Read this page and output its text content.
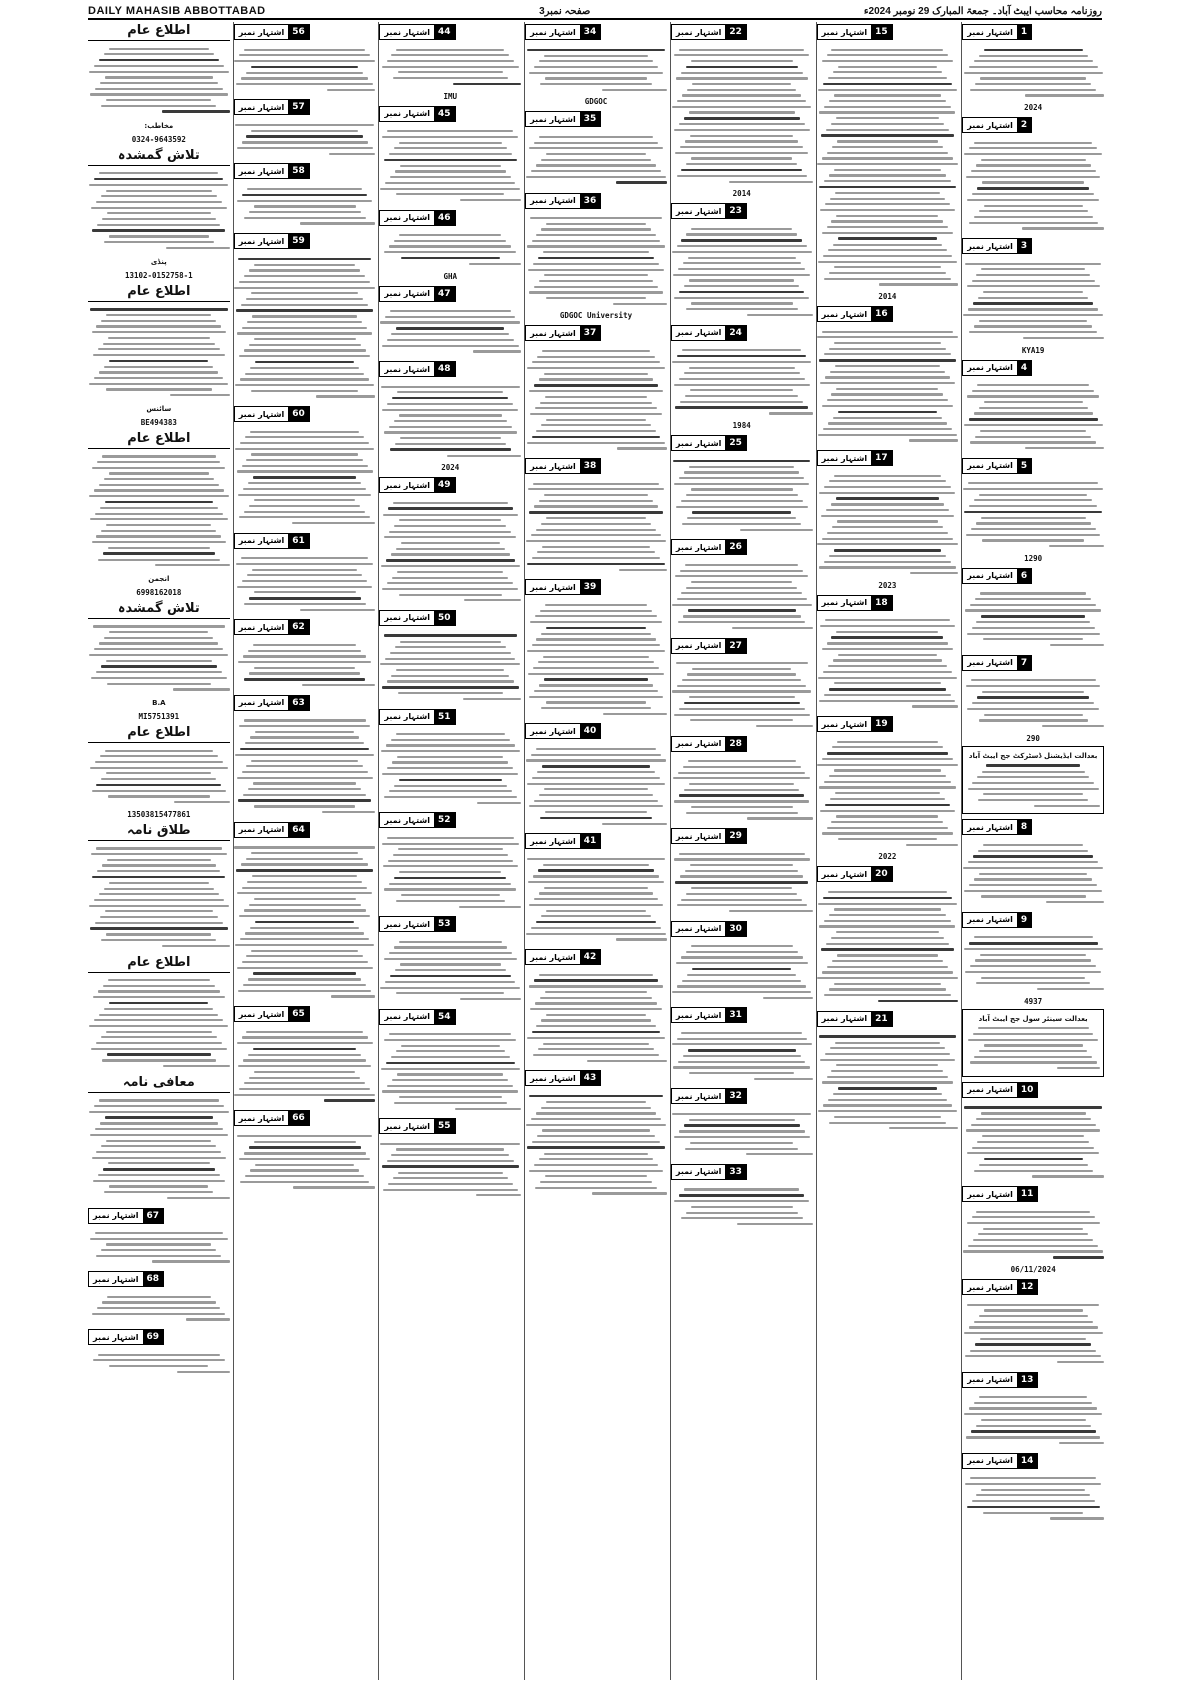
DAILY MAHASIB ABBOTTABAD	صفحہ نمبر3	روزنامہ محاسب ایبٹ آباد۔ جمعۃ المبارک 29 نومبر 2024ء
اشتہار نمبر 1
2024
اشتہار نمبر 2
اشتہار نمبر 3
KYA19
اشتہار نمبر 4
اشتہار نمبر 5
1290
اشتہار نمبر 6
اشتہار نمبر 7
290
بعدالت ایڈیشنل ڈسٹرکٹ جج ایبٹ آباد
اشتہار نمبر 8
اشتہار نمبر 9
4937
بعدالت سینئر سول جج ایبٹ آباد
اشتہار نمبر 10
اشتہار نمبر 11
06/11/2024
اشتہار نمبر 12
اشتہار نمبر 13
اشتہار نمبر 14
اشتہار نمبر 15
2014
اشتہار نمبر 16
اشتہار نمبر 17
2023
اشتہار نمبر 18
اشتہار نمبر 19
2022
اشتہار نمبر 20
اشتہار نمبر 21
اشتہار نمبر 22
2014
اشتہار نمبر 23
اشتہار نمبر 24
1984
اشتہار نمبر 25
اشتہار نمبر 26
اشتہار نمبر 27
اشتہار نمبر 28
اشتہار نمبر 29
اشتہار نمبر 30
اشتہار نمبر 31
اشتہار نمبر 32
اشتہار نمبر 33
اشتہار نمبر 34
GDGOC
اشتہار نمبر 35
اشتہار نمبر 36
GDGOC University
اشتہار نمبر 37
اشتہار نمبر 38
اشتہار نمبر 39
اشتہار نمبر 40
اشتہار نمبر 41
اشتہار نمبر 42
اشتہار نمبر 43
اشتہار نمبر 44
IMU
اشتہار نمبر 45
اشتہار نمبر 46
GHA
اشتہار نمبر 47
اشتہار نمبر 48
2024
اشتہار نمبر 49
اشتہار نمبر 50
اشتہار نمبر 51
اشتہار نمبر 52
اشتہار نمبر 53
اشتہار نمبر 54
اشتہار نمبر 55
اشتہار نمبر 56
اشتہار نمبر 57
اشتہار نمبر 58
اشتہار نمبر 59
اشتہار نمبر 60
اشتہار نمبر 61
اشتہار نمبر 62
اشتہار نمبر 63
اشتہار نمبر 64
اشتہار نمبر 65
اشتہار نمبر 66
اطلاع عام
مخاطب:
0324-9643592
تلاش گمشدہ
پنڈی
13102-0152758-1
اطلاع عام
سائنس
BE494383
اطلاع عام
انجمن
6998162018
تلاش گمشدہ
B.A
MI5751391
اطلاع عام
13503815477861
طلاق نامہ
اطلاع عام
معافی نامہ
اشتہار نمبر 67
اشتہار نمبر 68
اشتہار نمبر 69
